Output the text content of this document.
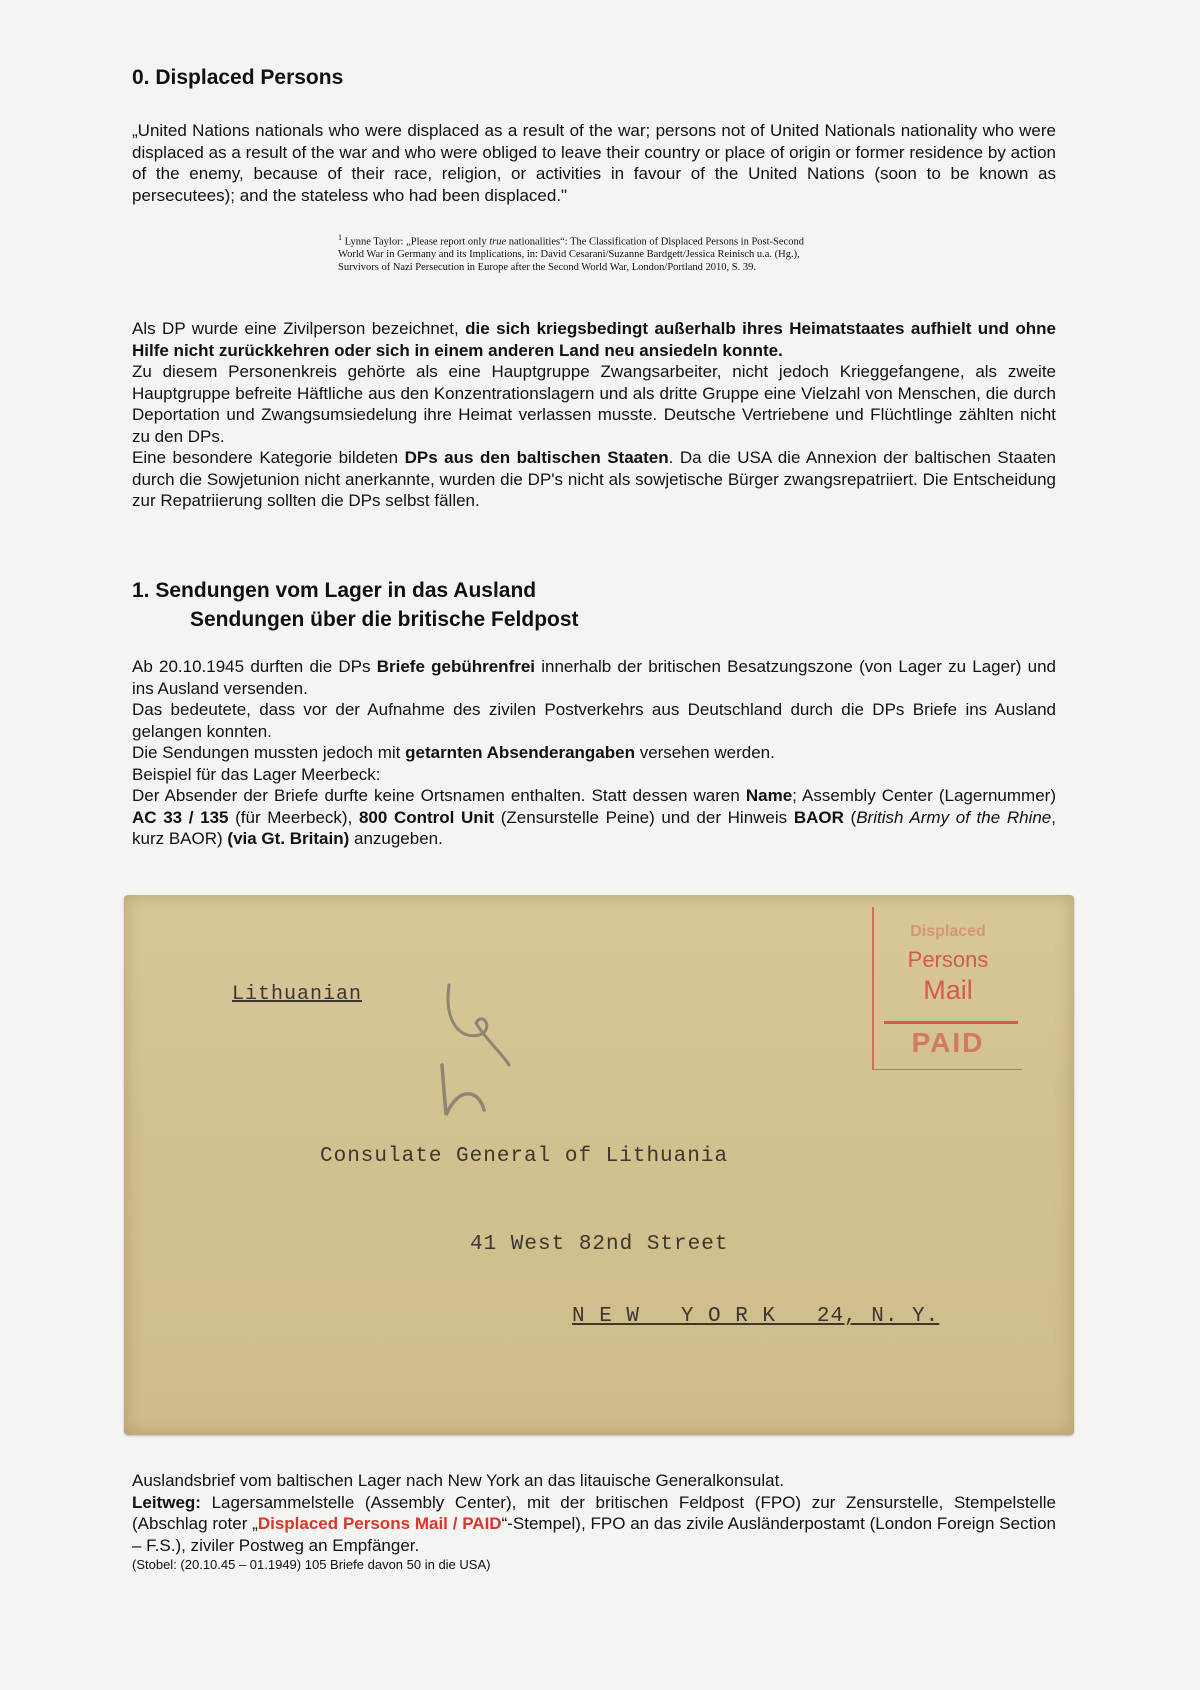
0. Displaced Persons

„United Nations nationals who were displaced as a result of the war; persons not of United Nationals nationality who were displaced as a result of the war and who were obliged to leave their country or place of origin or former residence by action of the enemy, because of their race, religion, or activities in favour of the United Nations (soon to be known as persecutees); and the stateless who had been displaced."

$^1$ Lynne Taylor: „Please report only true nationalities“: The Classification of Displaced Persons in Post-Second
World War in Germany and its Implications, in: David Cesarani/Suzanne Bardgett/Jessica Reinisch u.a. (Hg.),
Survivors of Nazi Persecution in Europe after the Second World War, London/Portland 2010, S. 39.

Als DP wurde eine Zivilperson bezeichnet, die sich kriegsbedingt außerhalb ihres Heimatstaates aufhielt und ohne Hilfe nicht zurückkehren oder sich in einem anderen Land neu ansiedeln konnte.

Zu diesem Personenkreis gehörte als eine Hauptgruppe Zwangsarbeiter, nicht jedoch Krieggefangene, als zweite Hauptgruppe befreite Häftliche aus den Konzentrationslagern und als dritte Gruppe eine Vielzahl von Menschen, die durch Deportation und Zwangsumsiedelung ihre Heimat verlassen musste. Deutsche Vertriebene und Flüchtlinge zählten nicht zu den DPs.

Eine besondere Kategorie bildeten DPs aus den baltischen Staaten. Da die USA die Annexion der baltischen Staaten durch die Sowjetunion nicht anerkannte, wurden die DP's nicht als sowjetische Bürger zwangsrepatriiert. Die Entscheidung zur Repatriierung sollten die DPs selbst fällen.

1. Sendungen vom Lager in das Ausland
Sendungen über die britische Feldpost

Ab 20.10.1945 durften die DPs Briefe gebührenfrei innerhalb der britischen Besatzungszone (von Lager zu Lager) und ins Ausland versenden.

Das bedeutete, dass vor der Aufnahme des zivilen Postverkehrs aus Deutschland durch die DPs Briefe ins Ausland gelangen konnten.

Die Sendungen mussten jedoch mit getarnten Absenderangaben versehen werden.

Beispiel für das Lager Meerbeck:

Der Absender der Briefe durfte keine Ortsnamen enthalten. Statt dessen waren Name; Assembly Center (Lagernummer) AC 33 / 135 (für Meerbeck), 800 Control Unit (Zensurstelle Peine) und der Hinweis BAOR (British Army of the Rhine, kurz BAOR) (via Gt. Britain) anzugeben.

Lithuanian
Displaced
Persons
Mail
PAID
Consulate General of Lithuania
41 West 82nd Street
N E W   Y O R K   24, N. Y.

Auslandsbrief vom baltischen Lager nach New York an das litauische Generalkonsulat.

Leitweg: Lagersammelstelle (Assembly Center), mit der britischen Feldpost (FPO) zur Zensurstelle, Stempelstelle (Abschlag roter „Displaced Persons Mail / PAID“-Stempel), FPO an das zivile Ausländerpostamt (London Foreign Section – F.S.), ziviler Postweg an Empfänger.

(Stobel: (20.10.45 – 01.1949) 105 Briefe davon 50 in die USA)
